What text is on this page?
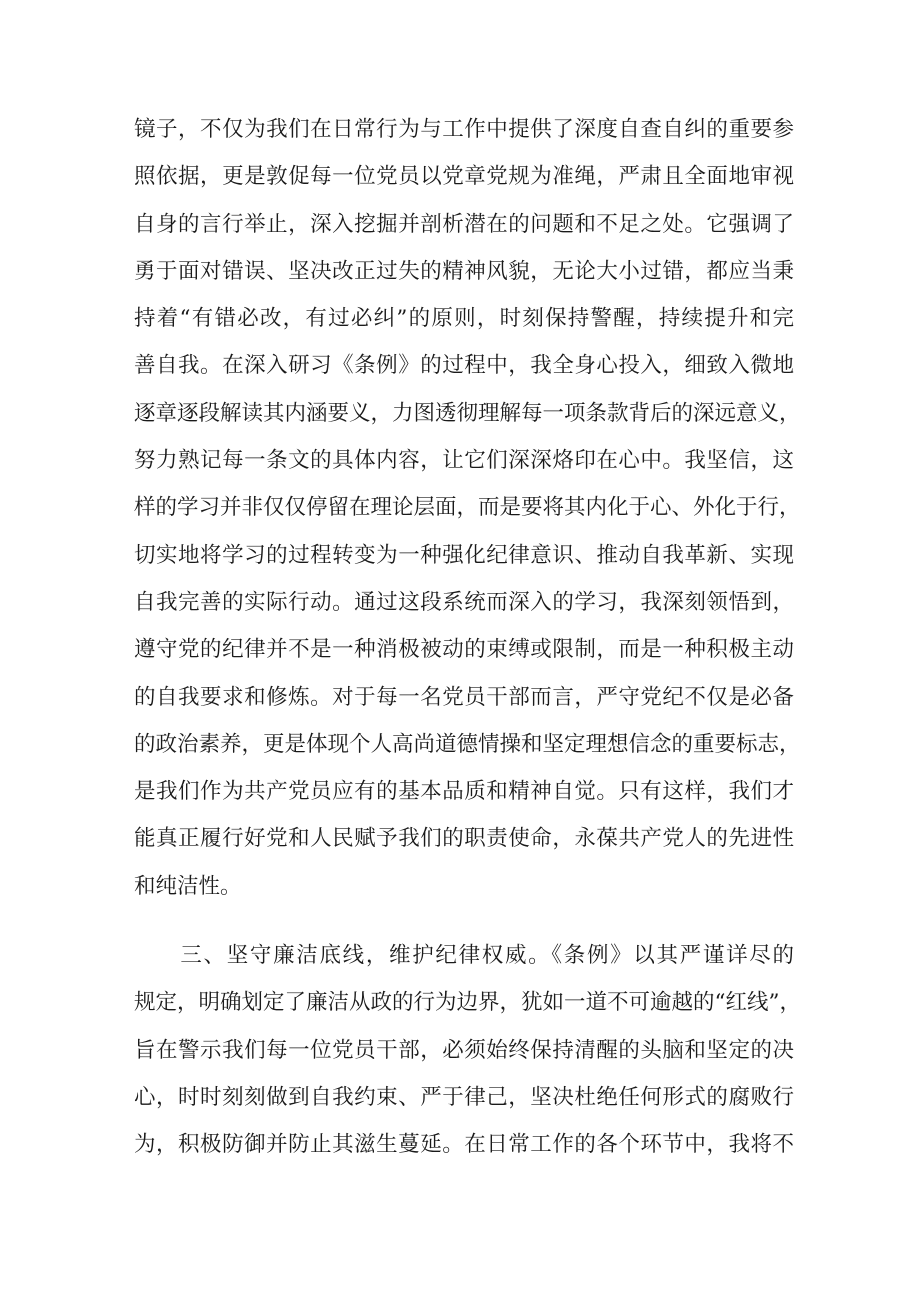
镜子，不仅为我们在日常行为与工作中提供了深度自查自纠的重要参
照依据，更是敦促每一位党员以党章党规为准绳，严肃且全面地审视
自身的言行举止，深入挖掘并剖析潜在的问题和不足之处。它强调了
勇于面对错误、坚决改正过失的精神风貌，无论大小过错，都应当秉
持着“有错必改，有过必纠”的原则，时刻保持警醒，持续提升和完
善自我。在深入研习《条例》的过程中，我全身心投入，细致入微地
逐章逐段解读其内涵要义，力图透彻理解每一项条款背后的深远意义，
努力熟记每一条文的具体内容，让它们深深烙印在心中。我坚信，这
样的学习并非仅仅停留在理论层面，而是要将其内化于心、外化于行，
切实地将学习的过程转变为一种强化纪律意识、推动自我革新、实现
自我完善的实际行动。通过这段系统而深入的学习，我深刻领悟到，
遵守党的纪律并不是一种消极被动的束缚或限制，而是一种积极主动
的自我要求和修炼。对于每一名党员干部而言，严守党纪不仅是必备
的政治素养，更是体现个人高尚道德情操和坚定理想信念的重要标志，
是我们作为共产党员应有的基本品质和精神自觉。只有这样，我们才
能真正履行好党和人民赋予我们的职责使命，永葆共产党人的先进性
和纯洁性。
　　三、坚守廉洁底线，维护纪律权威。《条例》以其严谨详尽的
规定，明确划定了廉洁从政的行为边界，犹如一道不可逾越的“红线”，
旨在警示我们每一位党员干部，必须始终保持清醒的头脑和坚定的决
心，时时刻刻做到自我约束、严于律己，坚决杜绝任何形式的腐败行
为，积极防御并防止其滋生蔓延。在日常工作的各个环节中，我将不
